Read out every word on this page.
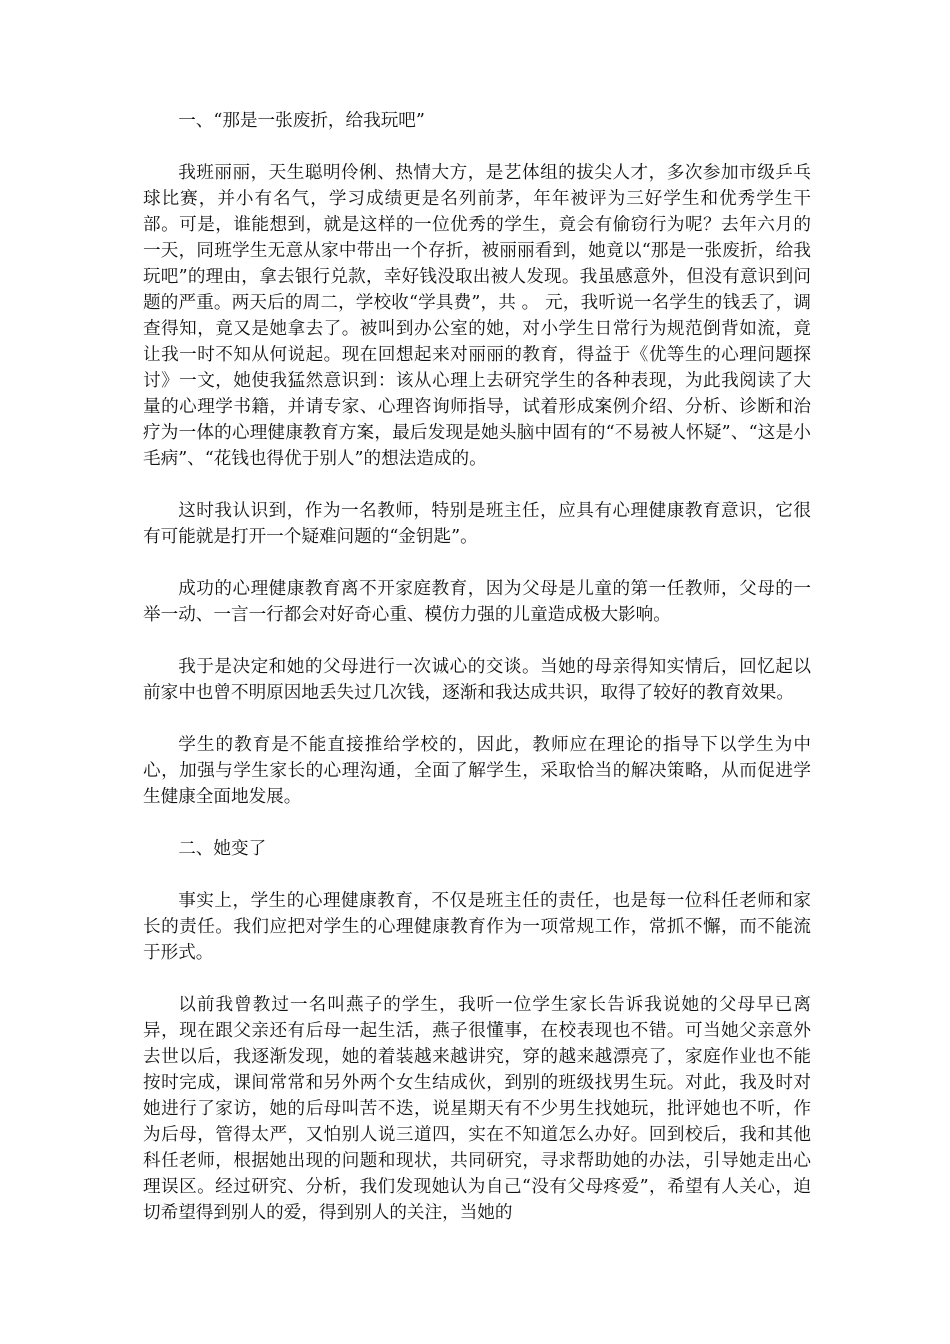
一、“那是一张废折，给我玩吧”

我班丽丽，天生聪明伶俐、热情大方，是艺体组的拔尖人才，多次参加市级乒乓球比赛，并小有名气，学习成绩更是名列前茅，年年被评为三好学生和优秀学生干部。可是，谁能想到，就是这样的一位优秀的学生，竟会有偷窃行为呢？去年六月的一天，同班学生无意从家中带出一个存折，被丽丽看到，她竟以“那是一张废折，给我玩吧”的理由，拿去银行兑款，幸好钱没取出被人发现。我虽感意外，但没有意识到问题的严重。两天后的周二，学校收“学具费”，共 。 元，我听说一名学生的钱丢了，调查得知，竟又是她拿去了。被叫到办公室的她，对小学生日常行为规范倒背如流，竟让我一时不知从何说起。现在回想起来对丽丽的教育，得益于《优等生的心理问题探讨》一文，她使我猛然意识到：该从心理上去研究学生的各种表现，为此我阅读了大量的心理学书籍，并请专家、心理咨询师指导，试着形成案例介绍、分析、诊断和治疗为一体的心理健康教育方案，最后发现是她头脑中固有的“不易被人怀疑”、“这是小毛病”、“花钱也得优于别人”的想法造成的。

这时我认识到，作为一名教师，特别是班主任，应具有心理健康教育意识，它很有可能就是打开一个疑难问题的“金钥匙”。

成功的心理健康教育离不开家庭教育，因为父母是儿童的第一任教师，父母的一举一动、一言一行都会对好奇心重、模仿力强的儿童造成极大影响。

我于是决定和她的父母进行一次诚心的交谈。当她的母亲得知实情后，回忆起以前家中也曾不明原因地丢失过几次钱，逐渐和我达成共识，取得了较好的教育效果。

学生的教育是不能直接推给学校的，因此，教师应在理论的指导下以学生为中心，加强与学生家长的心理沟通，全面了解学生，采取恰当的解决策略，从而促进学生健康全面地发展。

二、她变了

事实上，学生的心理健康教育，不仅是班主任的责任，也是每一位科任老师和家长的责任。我们应把对学生的心理健康教育作为一项常规工作，常抓不懈，而不能流于形式。

以前我曾教过一名叫燕子的学生，我听一位学生家长告诉我说她的父母早已离异，现在跟父亲还有后母一起生活，燕子很懂事，在校表现也不错。可当她父亲意外去世以后，我逐渐发现，她的着装越来越讲究，穿的越来越漂亮了，家庭作业也不能按时完成，课间常常和另外两个女生结成伙，到别的班级找男生玩。对此，我及时对她进行了家访，她的后母叫苦不迭，说星期天有不少男生找她玩，批评她也不听，作为后母，管得太严，又怕别人说三道四，实在不知道怎么办好。回到校后，我和其他科任老师，根据她出现的问题和现状，共同研究，寻求帮助她的办法，引导她走出心理误区。经过研究、分析，我们发现她认为自己“没有父母疼爱”，希望有人关心，迫切希望得到别人的爱，得到别人的关注，当她的
